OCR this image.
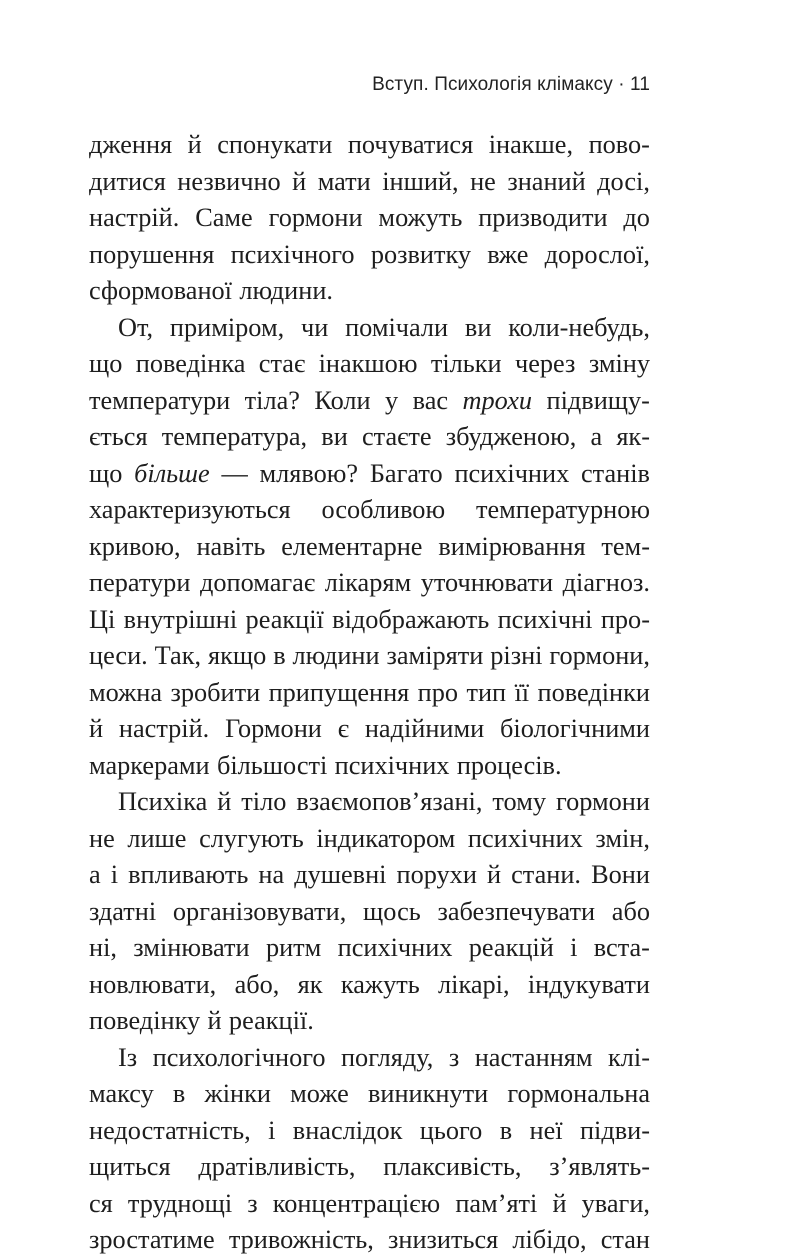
Вступ. Психологія клімаксу · 11
дження й спонукати почуватися інакше, пово-
дитися незвично й мати інший, не знаний досі,
настрій. Саме гормони можуть призводити до
порушення психічного розвитку вже дорослої,
сформованої людини.
От, приміром, чи помічали ви коли-небудь,
що поведінка стає інакшою тільки через зміну
температури тіла? Коли у вас трохи підвищу-
ється температура, ви стаєте збудженою, а як-
що більше — млявою? Багато психічних станів
характеризуються особливою температурною
кривою, навіть елементарне вимірювання тем-
ператури допомагає лікарям уточнювати діагноз.
Ці внутрішні реакції відображають психічні про-
цеси. Так, якщо в людини заміряти різні гормони,
можна зробити припущення про тип її поведінки
й настрій. Гормони є надійними біологічними
маркерами більшості психічних процесів.
Психіка й тіло взаємопов’язані, тому гормони
не лише слугують індикатором психічних змін,
а і впливають на душевні порухи й стани. Вони
здатні організовувати, щось забезпечувати або
ні, змінювати ритм психічних реакцій і вста-
новлювати, або, як кажуть лікарі, індукувати
поведінку й реакції.
Із психологічного погляду, з настанням клі-
максу в жінки може виникнути гормональна
недостатність, і внаслідок цього в неї підви-
щиться дратівливість, плаксивість, з’являть-
ся труднощі з концентрацією пам’яті й уваги,
зростатиме тривожність, знизиться лібідо, стан
